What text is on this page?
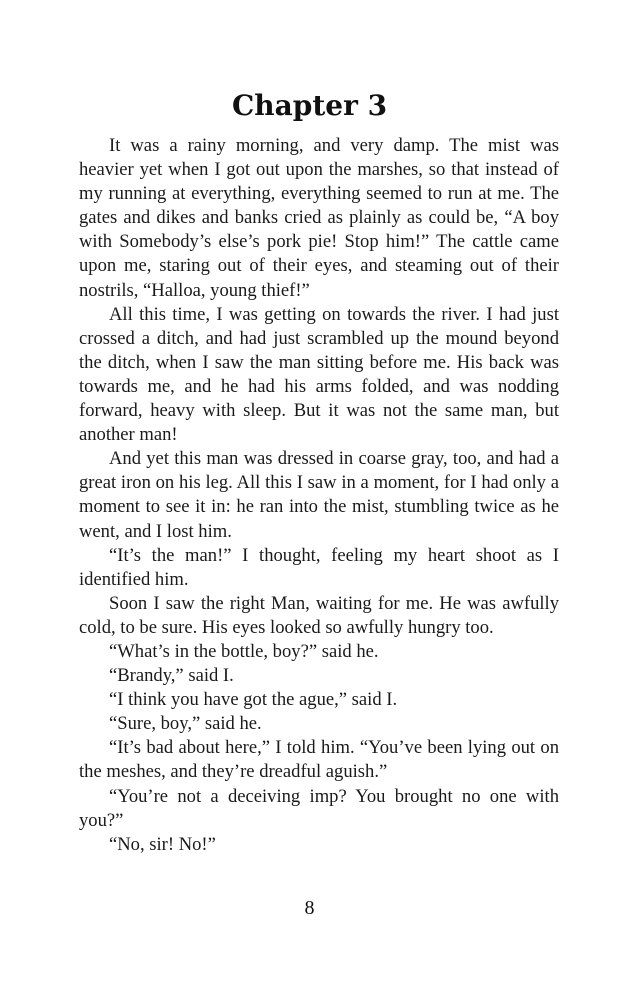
Chapter 3

It was a rainy morning, and very damp. The mist was heavier yet when I got out upon the marshes, so that instead of my running at everything, everything seemed to run at me. The gates and dikes and banks cried as plainly as could be, “A boy with Somebody’s else’s pork pie! Stop him!” The cattle came upon me, staring out of their eyes, and steaming out of their nostrils, “Halloa, young thief!”

All this time, I was getting on towards the river. I had just crossed a ditch, and had just scrambled up the mound beyond the ditch, when I saw the man sitting before me. His back was towards me, and he had his arms folded, and was nodding forward, heavy with sleep. But it was not the same man, but another man!

And yet this man was dressed in coarse gray, too, and had a great iron on his leg. All this I saw in a moment, for I had only a moment to see it in: he ran into the mist, stumbling twice as he went, and I lost him.

“It’s the man!” I thought, feeling my heart shoot as I identified him.

Soon I saw the right Man, waiting for me. He was awfully cold, to be sure. His eyes looked so awfully hungry too.

“What’s in the bottle, boy?” said he.

“Brandy,” said I.

“I think you have got the ague,” said I.

“Sure, boy,” said he.

“It’s bad about here,” I told him. “You’ve been lying out on the meshes, and they’re dreadful aguish.”

“You’re not a deceiving imp? You brought no one with you?”

“No, sir! No!”

8
